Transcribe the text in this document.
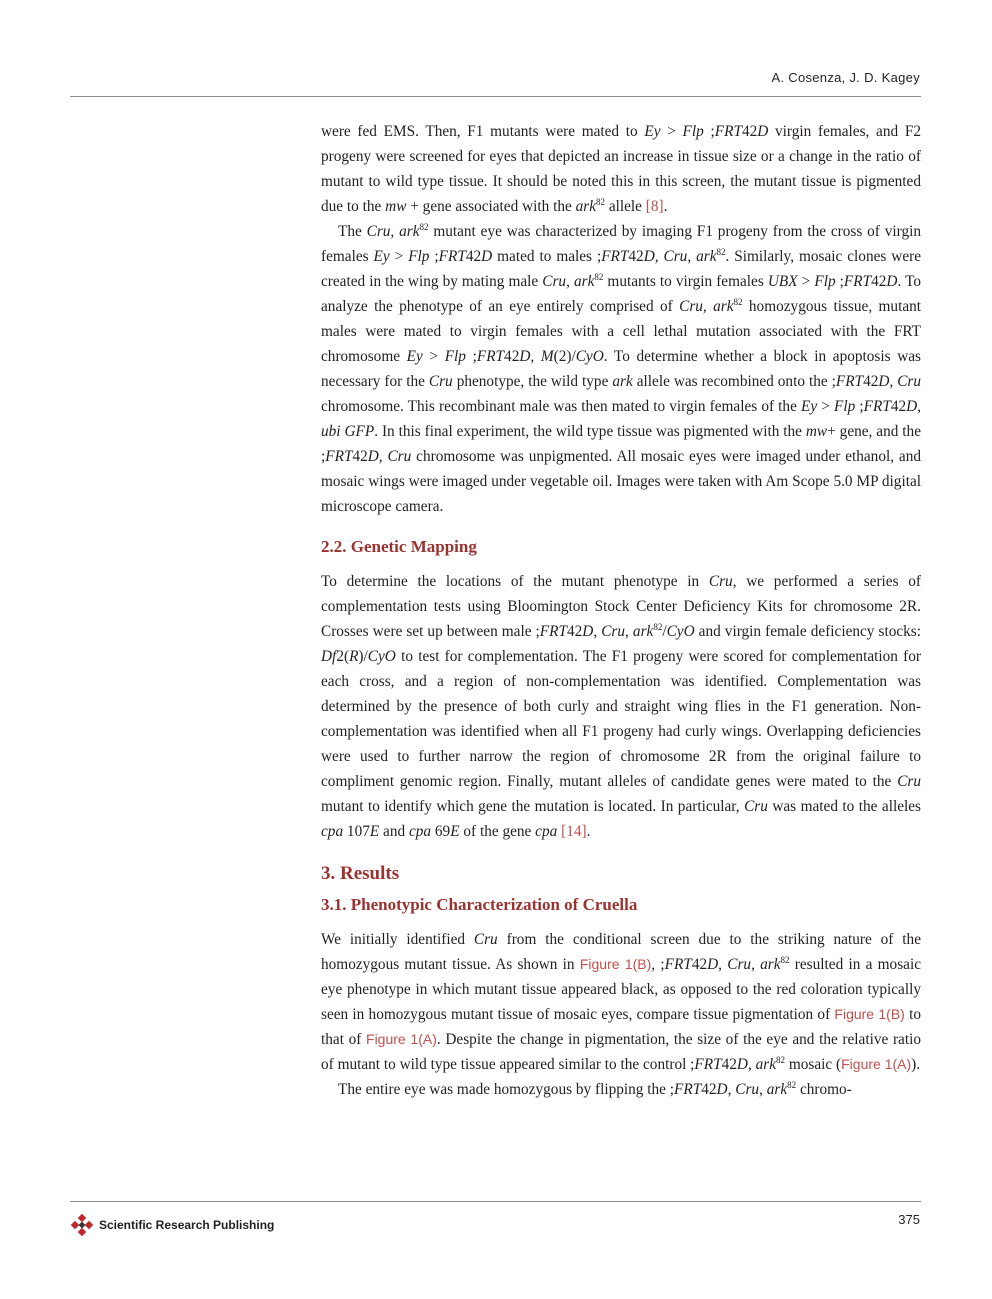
A. Cosenza, J. D. Kagey

were fed EMS. Then, F1 mutants were mated to Ey > Flp ;FRT42D virgin females, and F2 progeny were screened for eyes that depicted an increase in tissue size or a change in the ratio of mutant to wild type tissue. It should be noted this in this screen, the mutant tissue is pigmented due to the mw + gene associated with the ark$^{82}$ allele [8].

The Cru, ark$^{82}$ mutant eye was characterized by imaging F1 progeny from the cross of virgin females Ey > Flp ;FRT42D mated to males ;FRT42D, Cru, ark$^{82}$. Similarly, mosaic clones were created in the wing by mating male Cru, ark$^{82}$ mutants to virgin females UBX > Flp ;FRT42D. To analyze the phenotype of an eye entirely comprised of Cru, ark$^{82}$ homozygous tissue, mutant males were mated to virgin females with a cell lethal mutation associated with the FRT chromosome Ey > Flp ;FRT42D, M(2)/CyO. To determine whether a block in apoptosis was necessary for the Cru phenotype, the wild type ark allele was recombined onto the ;FRT42D, Cru chromosome. This recombinant male was then mated to virgin females of the Ey > Flp ;FRT42D, ubi GFP. In this final experiment, the wild type tissue was pigmented with the mw+ gene, and the ;FRT42D, Cru chromosome was unpigmented. All mosaic eyes were imaged under ethanol, and mosaic wings were imaged under vegetable oil. Images were taken with Am Scope 5.0 MP digital microscope camera.

2.2. Genetic Mapping

To determine the locations of the mutant phenotype in Cru, we performed a series of complementation tests using Bloomington Stock Center Deficiency Kits for chromosome 2R. Crosses were set up between male ;FRT42D, Cru, ark$^{82}$/CyO and virgin female deficiency stocks: Df2(R)/CyO to test for complementation. The F1 progeny were scored for complementation for each cross, and a region of non-complementation was identified. Complementation was determined by the presence of both curly and straight wing flies in the F1 generation. Non-complementation was identified when all F1 progeny had curly wings. Overlapping deficiencies were used to further narrow the region of chromosome 2R from the original failure to compliment genomic region. Finally, mutant alleles of candidate genes were mated to the Cru mutant to identify which gene the mutation is located. In particular, Cru was mated to the alleles cpa 107E and cpa 69E of the gene cpa [14].

3. Results
3.1. Phenotypic Characterization of Cruella

We initially identified Cru from the conditional screen due to the striking nature of the homozygous mutant tissue. As shown in Figure 1(B), ;FRT42D, Cru, ark$^{82}$ resulted in a mosaic eye phenotype in which mutant tissue appeared black, as opposed to the red coloration typically seen in homozygous mutant tissue of mosaic eyes, compare tissue pigmentation of Figure 1(B) to that of Figure 1(A). Despite the change in pigmentation, the size of the eye and the relative ratio of mutant to wild type tissue appeared similar to the control ;FRT42D, ark$^{82}$ mosaic (Figure 1(A)).

The entire eye was made homozygous by flipping the ;FRT42D, Cru, ark$^{82}$ chromo-

Scientific Research Publishing	375
